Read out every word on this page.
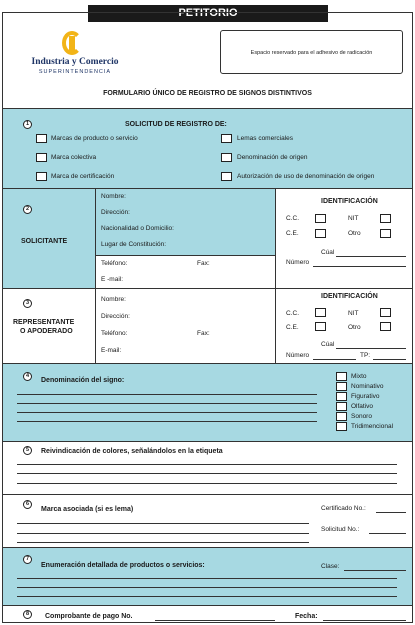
PETITORIO
Industria y Comercio
SUPERINTENDENCIA
Espacio reservado para el adhesivo de radicación
FORMULARIO ÚNICO DE REGISTRO DE SIGNOS DISTINTIVOS
1	SOLICITUD DE REGISTRO DE:
Marcas de producto o servicio
Marca colectiva
Marca de certificación
Lemas comerciales
Denominación de origen
Autorización de uso de denominación de origen
2
SOLICITANTE
Nombre:
Dirección:
Nacionalidad o Domicilio:
Lugar de Constitución:
Teléfono:	Fax:
E -mail:
IDENTIFICACIÓN
C.C.
C.E.
NIT
Otro
Cúal
Número
3
REPRESENTANTE
O APODERADO
Nombre:
Dirección:
Teléfono:	Fax:
E-mail:
IDENTIFICACIÓN
C.C.
C.E.
NIT
Otro
Cúal
Número	TP:
4
Denominación del signo:
Mixto
Nominativo
Figurativo
Olfativo
Sonoro
Tridimencional
5	Reivindicación de colores, señalándolos en la etiqueta
6
Marca asociada (si es lema)	Certificado No.:
Solicitud No.:
7
Enumeración detallada de productos o servicios:	Clase:
8	Comprobante de pago No.	Fecha:
